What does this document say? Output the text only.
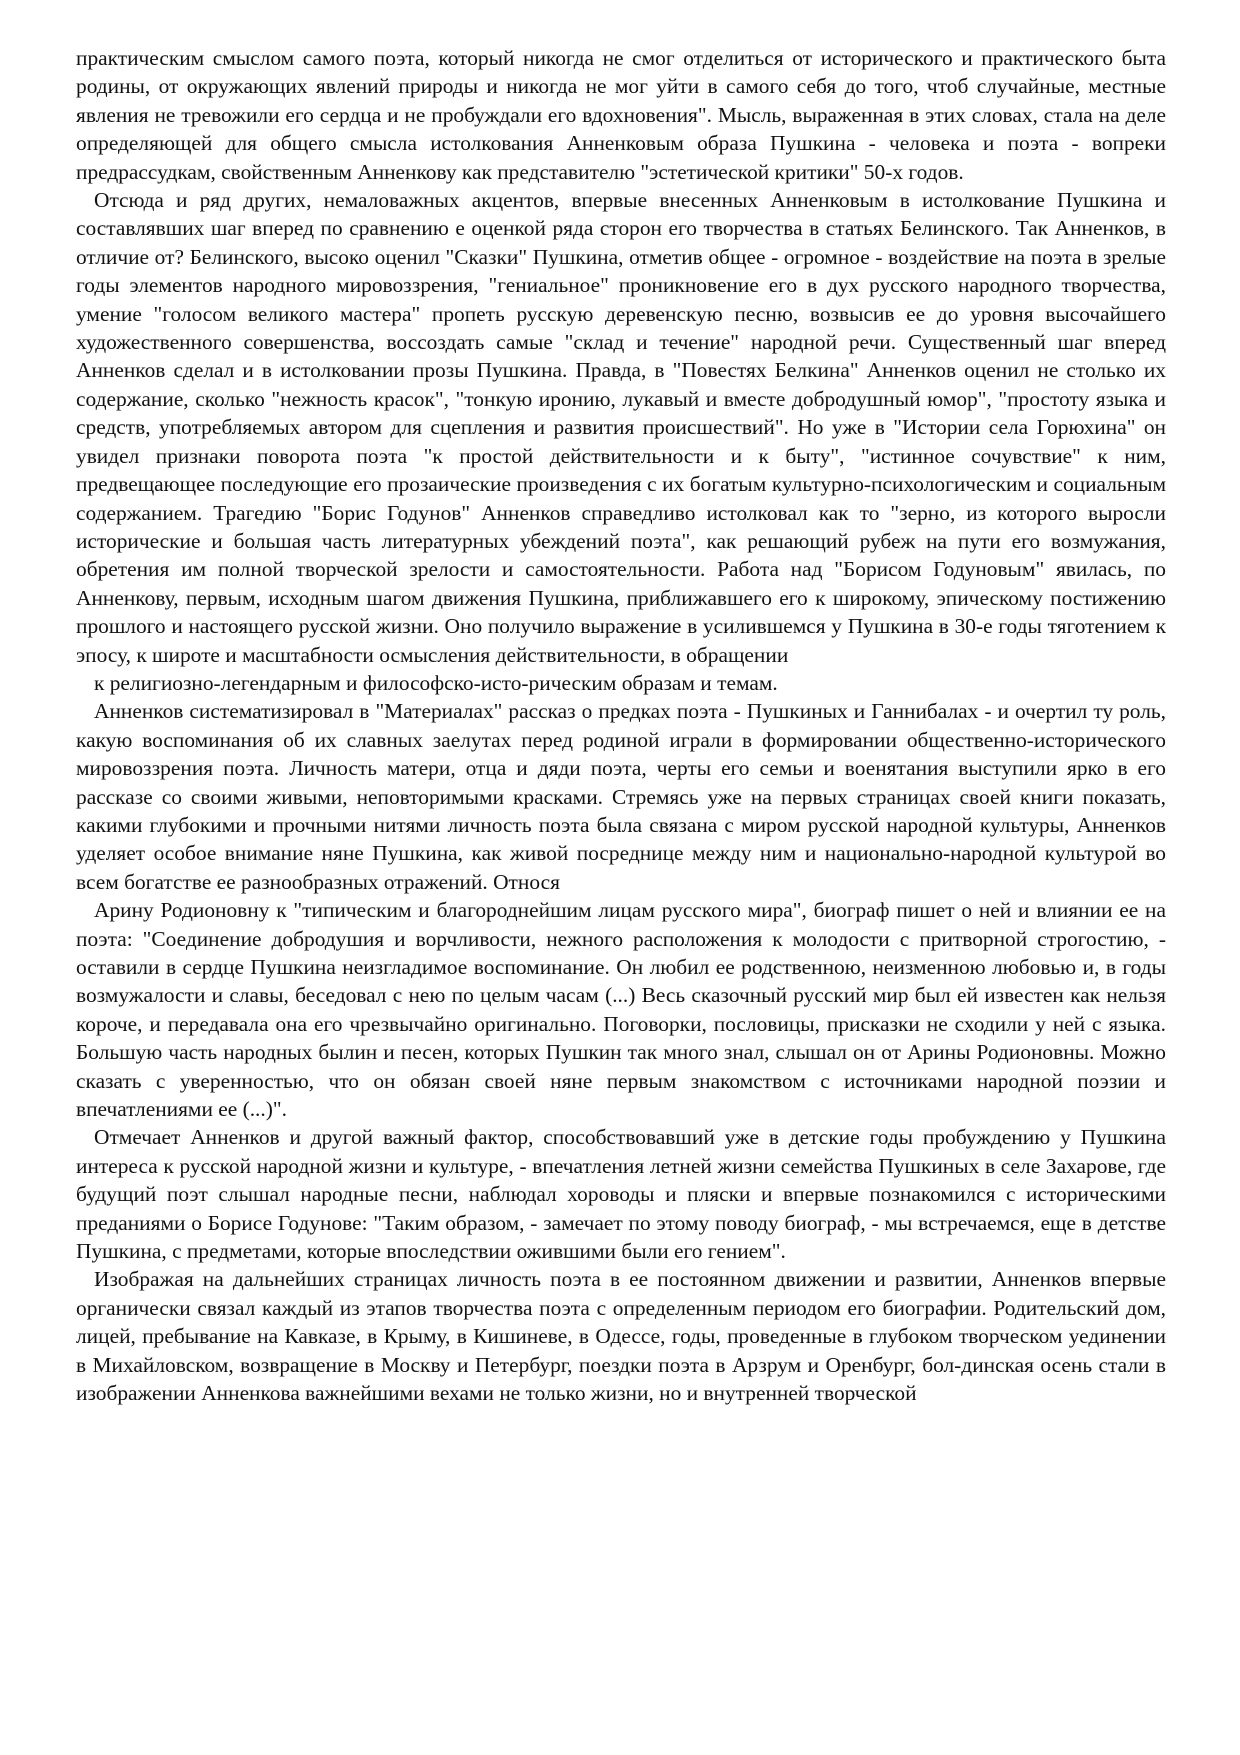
практическим смыслом самого поэта, который никогда не смог отделиться от исторического и практического быта родины, от окружающих явлений природы и никогда не мог уйти в самого себя до того, чтоб случайные, местные явления не тревожили его сердца и не пробуждали его вдохновения". Мысль, выраженная в этих словах, стала на деле определяющей для общего смысла истолкования Анненковым образа Пушкина - человека и поэта - вопреки предрассудкам, свойственным Анненкову как представителю "эстетической критики" 50-х годов.

Отсюда и ряд других, немаловажных акцентов, впервые внесенных Анненковым в истолкование Пушкина и составлявших шаг вперед по сравнению е оценкой ряда сторон его творчества в статьях Белинского. Так Анненков, в отличие от? Белинского, высоко оценил "Сказки" Пушкина, отметив общее - огромное - воздействие на поэта в зрелые годы элементов народного мировоззрения, "гениальное" проникновение его в дух русского народного творчества, умение "голосом великого мастера" пропеть русскую деревенскую песню, возвысив ее до уровня высочайшего художественного совершенства, воссоздать самые "склад и течение" народной речи. Существенный шаг вперед Анненков сделал и в истолковании прозы Пушкина. Правда, в "Повестях Белкина" Анненков оценил не столько их содержание, сколько "нежность красок", "тонкую иронию, лукавый и вместе добродушный юмор", "простоту языка и средств, употребляемых автором для сцепления и развития происшествий". Но уже в "Истории села Горюхина" он увидел признаки поворота поэта "к простой действительности и к быту", "истинное сочувствие" к ним, предвещающее последующие его прозаические произведения с их богатым культурно-психологическим и социальным содержанием. Трагедию "Борис Годунов" Анненков справедливо истолковал как то "зерно, из которого выросли исторические и большая часть литературных убеждений поэта", как решающий рубеж на пути его возмужания, обретения им полной творческой зрелости и самостоятельности. Работа над "Борисом Годуновым" явилась, по Анненкову, первым, исходным шагом движения Пушкина, приближавшего его к широкому, эпическому постижению прошлого и настоящего русской жизни. Оно получило выражение в усилившемся у Пушкина в 30-е годы тяготением к эпосу, к широте и масштабности осмысления действительности, в обращении

к религиозно-легендарным и философско-исто-рическим образам и темам.

Анненков систематизировал в "Материалах" рассказ о предках поэта - Пушкиных и Ганнибалах - и очертил ту роль, какую воспоминания об их славных заелутах перед родиной играли в формировании общественно-исторического мировоззрения поэта. Личность матери, отца и дяди поэта, черты его семьи и военятания выступили ярко в его рассказе со своими живыми, неповторимыми красками. Стремясь уже на первых страницах своей книги показать, какими глубокими и прочными нитями личность поэта была связана с миром русской народной культуры, Анненков уделяет особое внимание няне Пушкина, как живой посреднице между ним и национально-народной культурой во всем богатстве ее разнообразных отражений. Относя

Арину Родионовну к "типическим и благороднейшим лицам русского мира", биограф пишет о ней и влиянии ее на поэта: "Соединение добродушия и ворчливости, нежного расположения к молодости с притворной строгостию, - оставили в сердце Пушкина неизгладимое воспоминание. Он любил ее родственною, неизменною любовью и, в годы возмужалости и славы, беседовал с нею по целым часам (...) Весь сказочный русский мир был ей известен как нельзя короче, и передавала она его чрезвычайно оригинально. Поговорки, пословицы, присказки не сходили у ней с языка. Большую часть народных былин и песен, которых Пушкин так много знал, слышал он от Арины Родионовны. Можно сказать с уверенностью, что он обязан своей няне первым знакомством с источниками народной поэзии и впечатлениями ее (...)".

Отмечает Анненков и другой важный фактор, способствовавший уже в детские годы пробуждению у Пушкина интереса к русской народной жизни и культуре, - впечатления летней жизни семейства Пушкиных в селе Захарове, где будущий поэт слышал народные песни, наблюдал хороводы и пляски и впервые познакомился с историческими преданиями о Борисе Годунове: "Таким образом, - замечает по этому поводу биограф, - мы встречаемся, еще в детстве Пушкина, с предметами, которые впоследствии ожившими были его гением".

Изображая на дальнейших страницах личность поэта в ее постоянном движении и развитии, Анненков впервые органически связал каждый из этапов творчества поэта с определенным периодом его биографии. Родительский дом, лицей, пребывание на Кавказе, в Крыму, в Кишиневе, в Одессе, годы, проведенные в глубоком творческом уединении в Михайловском, возвращение в Москву и Петербург, поездки поэта в Арзрум и Оренбург, бол-динская осень стали в изображении Анненкова важнейшими вехами не только жизни, но и внутренней творческой
